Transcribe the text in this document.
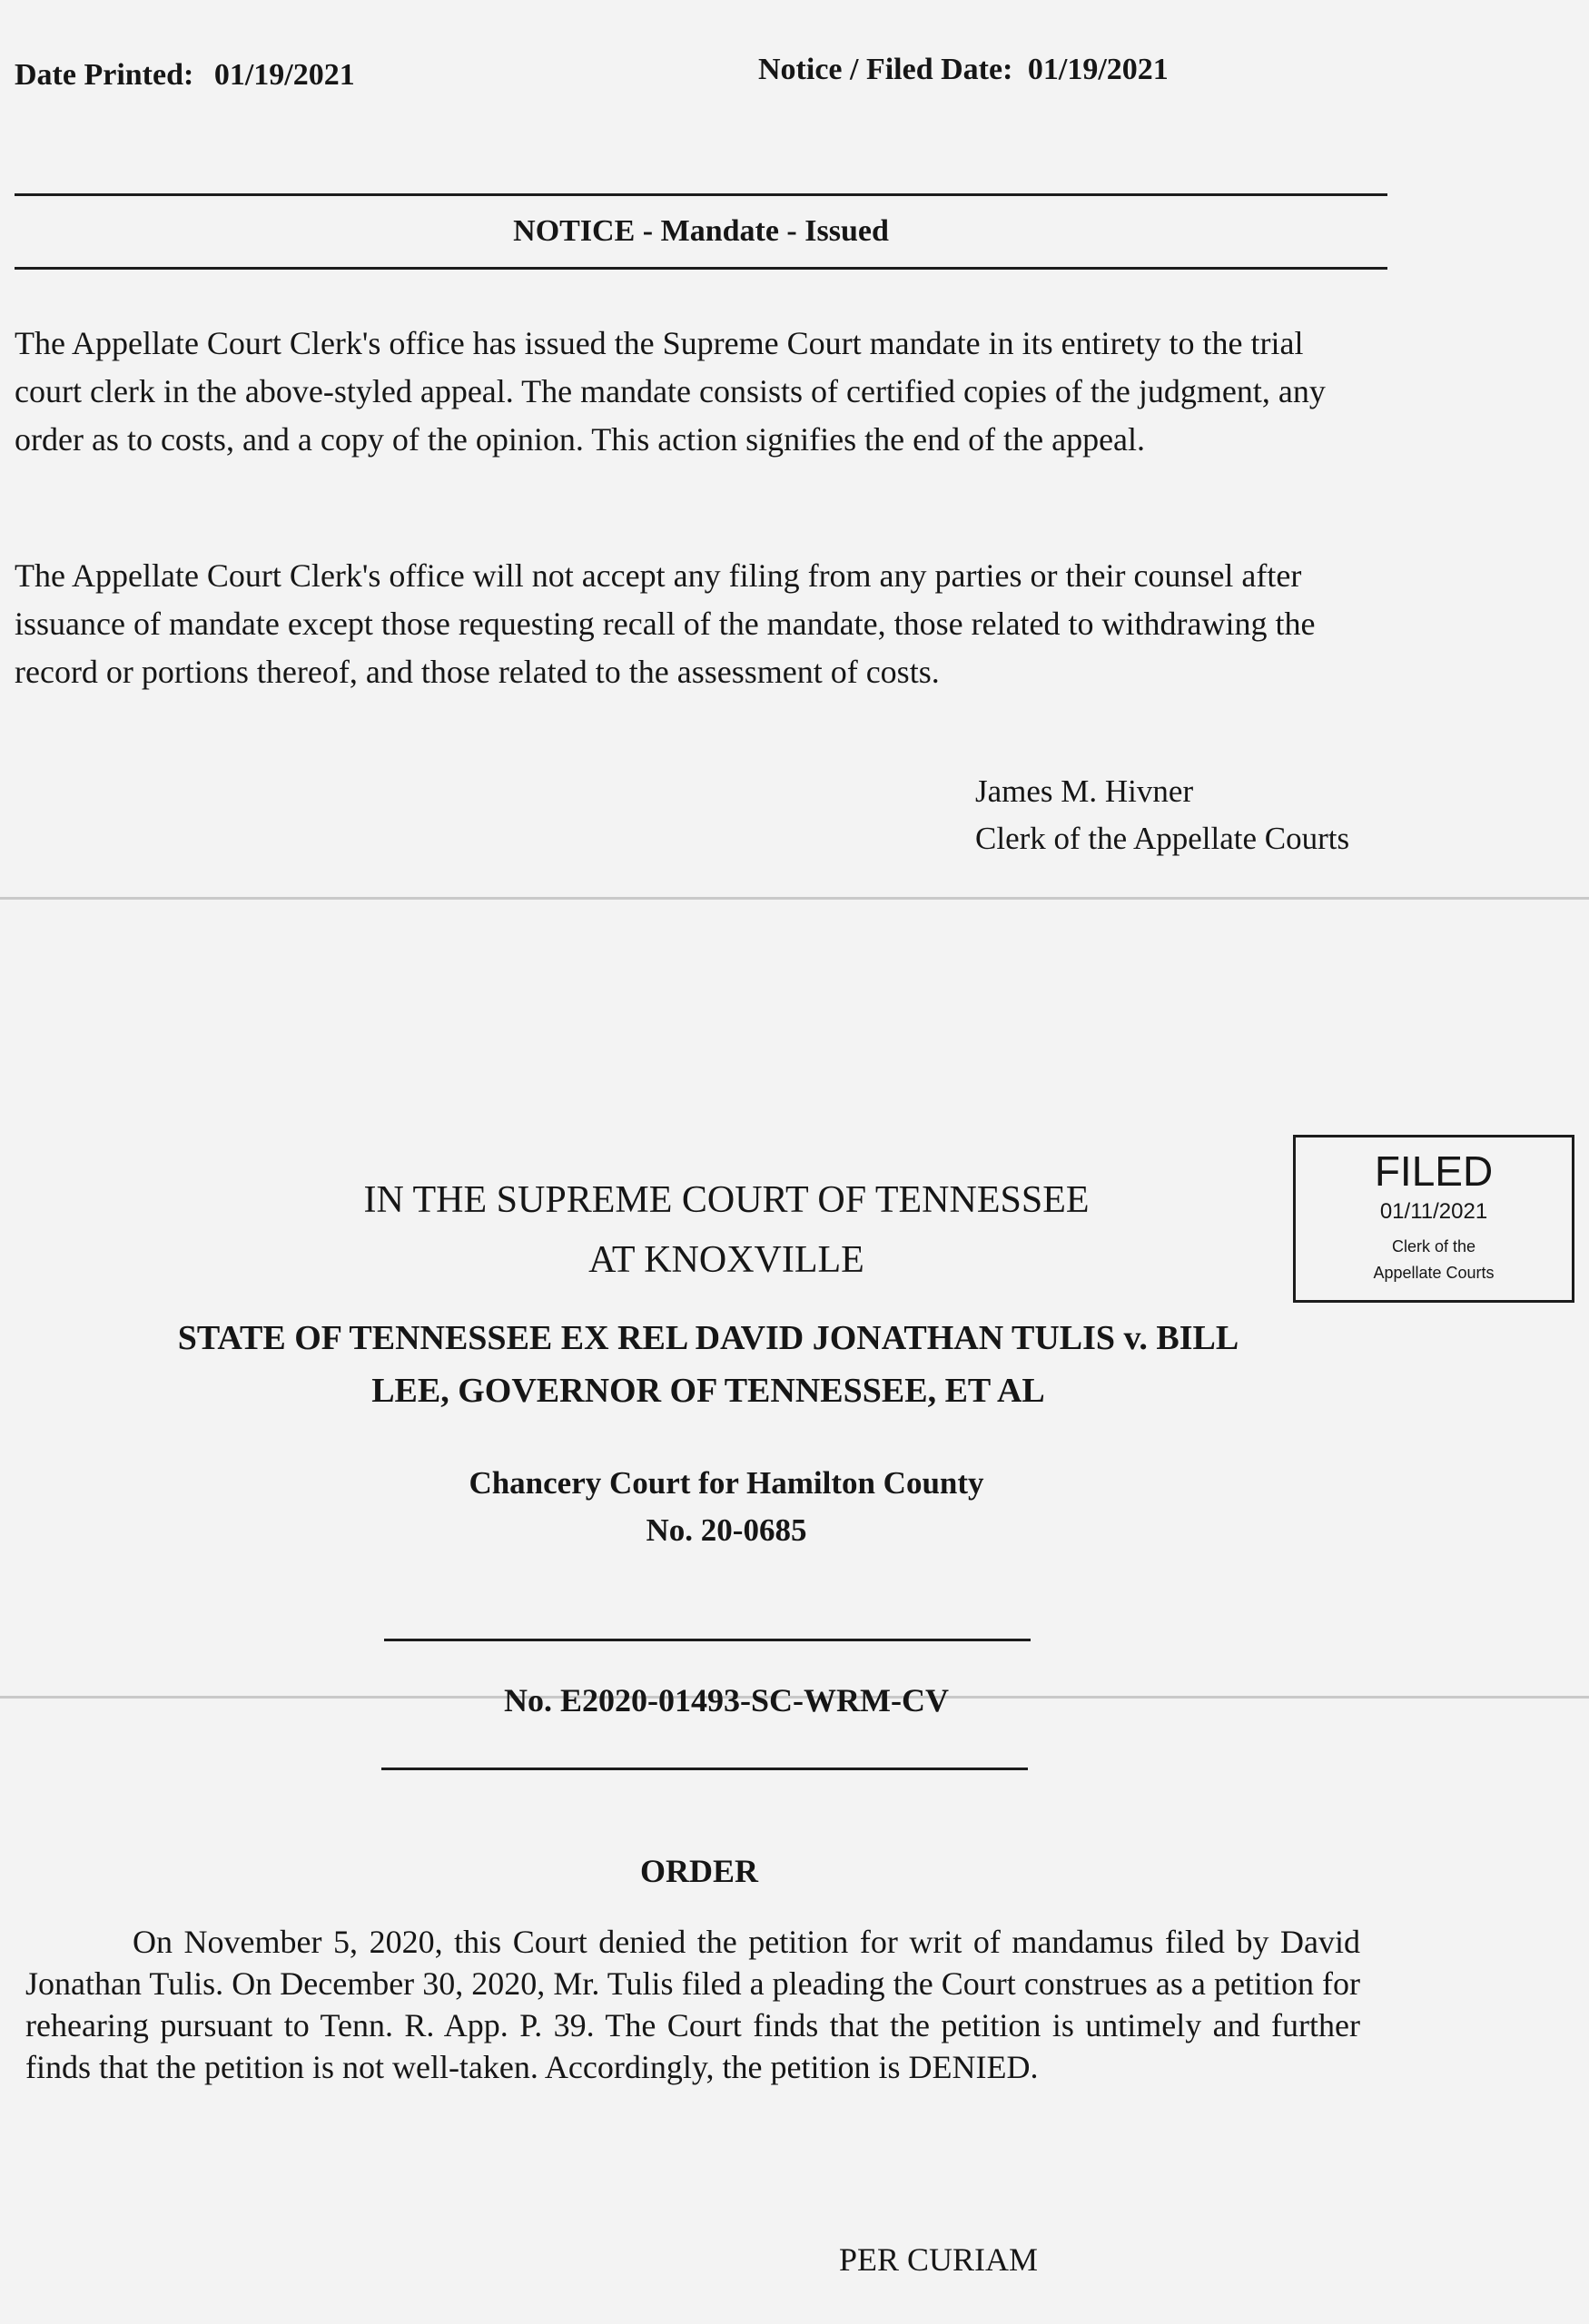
Date Printed: 01/19/2021	Notice / Filed Date: 01/19/2021
NOTICE - Mandate - Issued
The Appellate Court Clerk's office has issued the Supreme Court mandate in its entirety to the trial court clerk in the above-styled appeal. The mandate consists of certified copies of the judgment, any order as to costs, and a copy of the opinion. This action signifies the end of the appeal.
The Appellate Court Clerk's office will not accept any filing from any parties or their counsel after issuance of mandate except those requesting recall of the mandate, those related to withdrawing the record or portions thereof, and those related to the assessment of costs.
James M. Hivner
Clerk of the Appellate Courts
FILED
01/11/2021
Clerk of the
Appellate Courts
IN THE SUPREME COURT OF TENNESSEE
AT KNOXVILLE
STATE OF TENNESSEE EX REL DAVID JONATHAN TULIS v. BILL
LEE, GOVERNOR OF TENNESSEE, ET AL
Chancery Court for Hamilton County
No. 20-0685
No. E2020-01493-SC-WRM-CV
ORDER
On November 5, 2020, this Court denied the petition for writ of mandamus filed by David Jonathan Tulis. On December 30, 2020, Mr. Tulis filed a pleading the Court construes as a petition for rehearing pursuant to Tenn. R. App. P. 39. The Court finds that the petition is untimely and further finds that the petition is not well-taken. Accordingly, the petition is DENIED.
PER CURIAM
